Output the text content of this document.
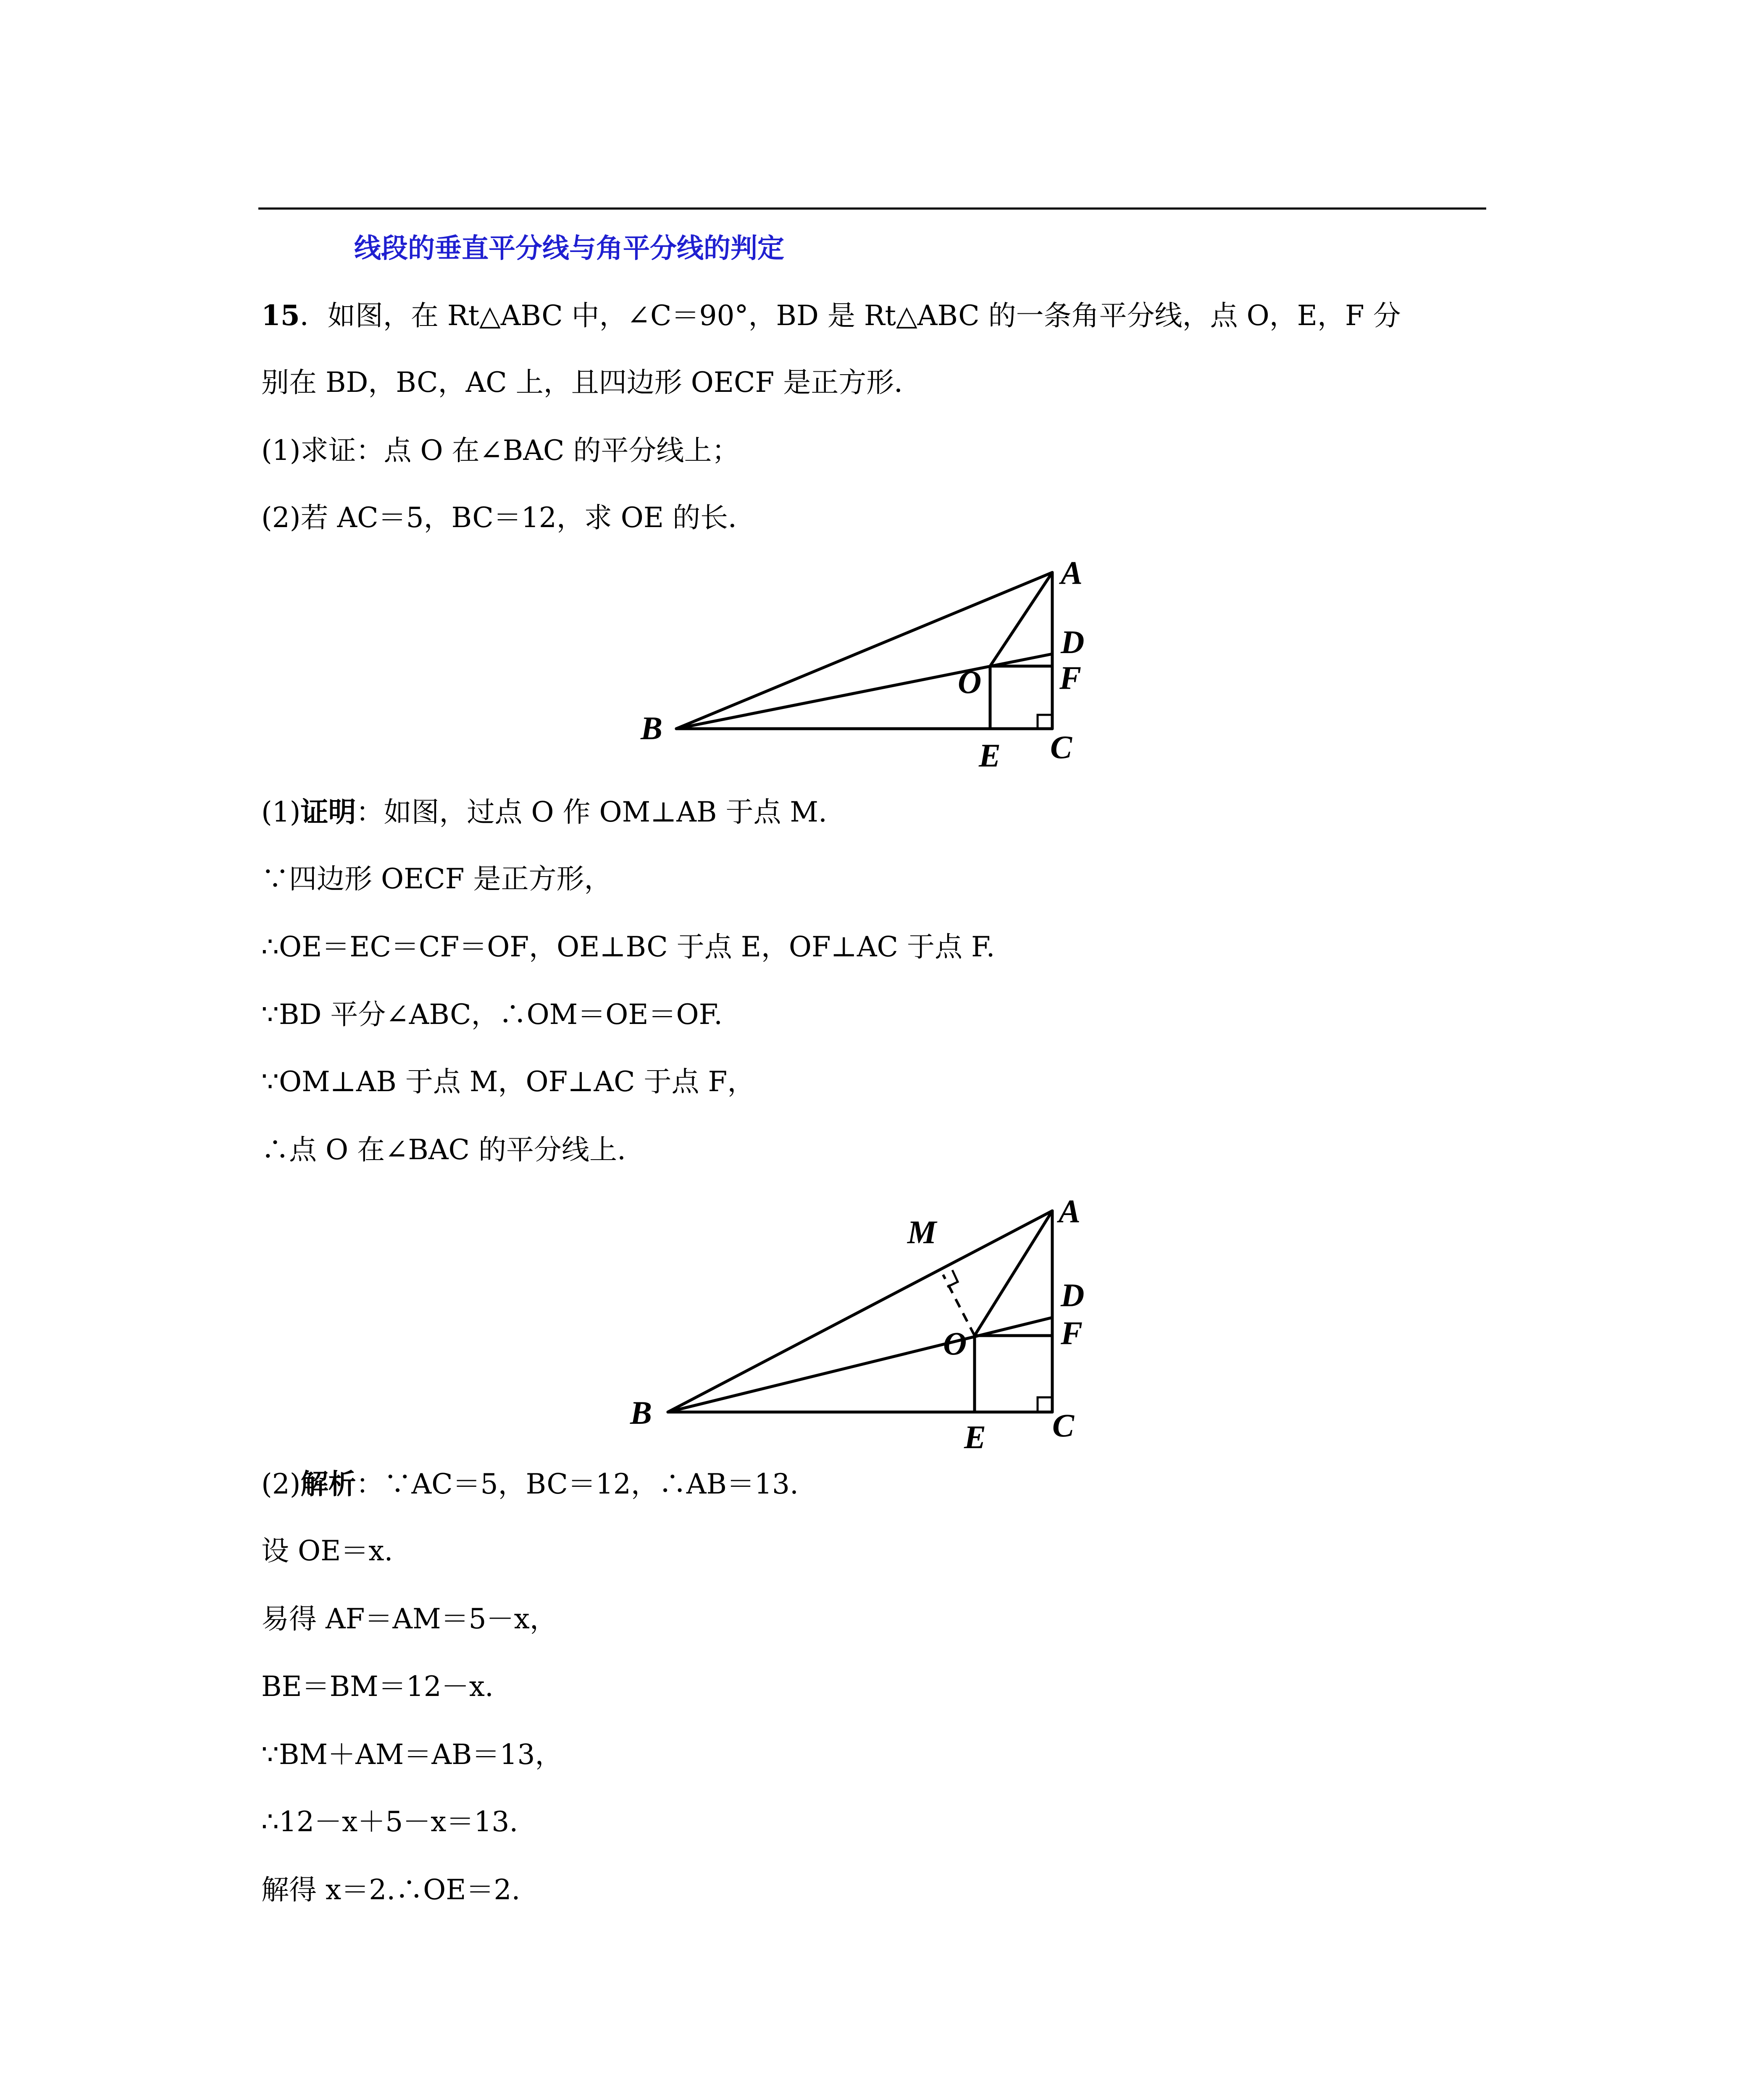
线段的垂直平分线与角平分线的判定
15．如图，在 Rt△ABC 中，∠C＝90°，BD 是 Rt△ABC 的一条角平分线，点 O，E，F 分
别在 BD，BC，AC 上，且四边形 OECF 是正方形．
(1)求证：点 O 在∠BAC 的平分线上；
(2)若 AC＝5，BC＝12，求 OE 的长．
A
D
F
O
B
E C
(1)证明：如图，过点 O 作 OM⊥AB 于点 M.
∵四边形 OECF 是正方形，
∴OE＝EC＝CF＝OF，OE⊥BC 于点 E，OF⊥AC 于点 F.
∵BD 平分∠ABC，∴OM＝OE＝OF.
∵OM⊥AB 于点 M，OF⊥AC 于点 F，
∴点 O 在∠BAC 的平分线上.
M
A
D
F
O
B
E C
(2)解析：∵AC＝5，BC＝12，∴AB＝13.
设 OE＝x.
易得 AF＝AM＝5－x，
BE＝BM＝12－x.
∵BM＋AM＝AB＝13，
∴12－x＋5－x＝13.
解得 x＝2.∴OE＝2.
